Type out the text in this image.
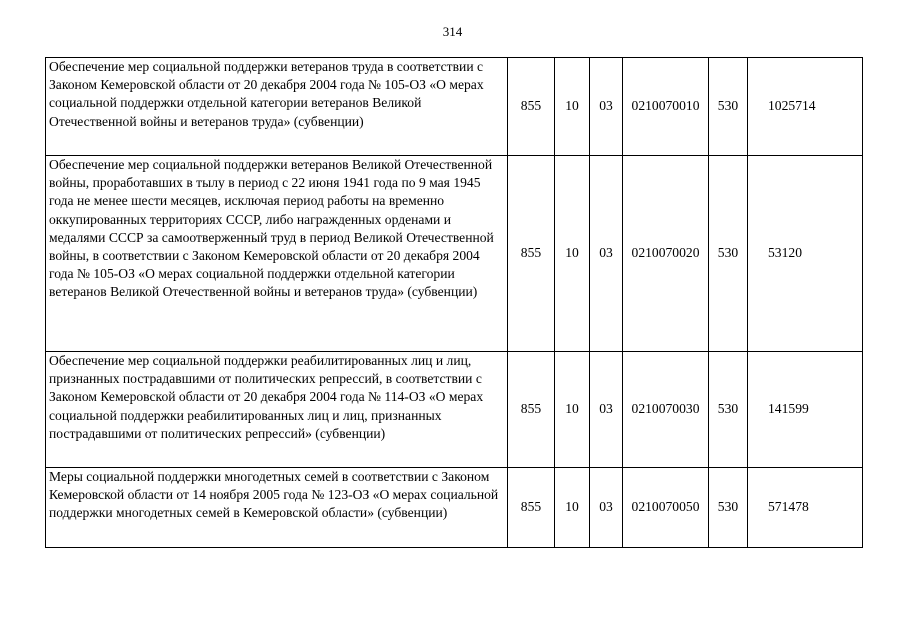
314
Обеспечение мер социальной поддержки ветеранов труда в соответствии с Законом Кемеровской области от 20 декабря 2004 года № 105-ОЗ «О мерах социальной поддержки отдельной категории ветеранов Великой Отечественной войны и ветеранов труда» (субвенции)	855	10	03	0210070010	530	1025714
Обеспечение мер социальной поддержки ветеранов Великой Отечественной войны, проработавших в тылу в период с 22 июня 1941 года по 9 мая 1945 года не менее шести месяцев, исключая период работы на временно оккупированных территориях СССР, либо награжденных орденами и медалями СССР за самоотверженный труд в период Великой Отечественной войны, в соответствии с Законом Кемеровской области от 20 декабря 2004 года № 105-ОЗ «О мерах социальной поддержки отдельной категории ветеранов Великой Отечественной войны и ветеранов труда» (субвенции)	855	10	03	0210070020	530	53120
Обеспечение мер социальной поддержки реабилитированных лиц и лиц, признанных пострадавшими от политических репрессий, в соответствии с Законом Кемеровской области от 20 декабря 2004 года № 114-ОЗ «О мерах социальной поддержки реабилитированных лиц и лиц, признанных пострадавшими от политических репрессий» (субвенции)	855	10	03	0210070030	530	141599
Меры социальной поддержки многодетных семей в соответствии с Законом Кемеровской области от 14 ноября 2005 года № 123-ОЗ «О мерах социальной поддержки многодетных семей в Кемеровской области» (субвенции)	855	10	03	0210070050	530	571478
